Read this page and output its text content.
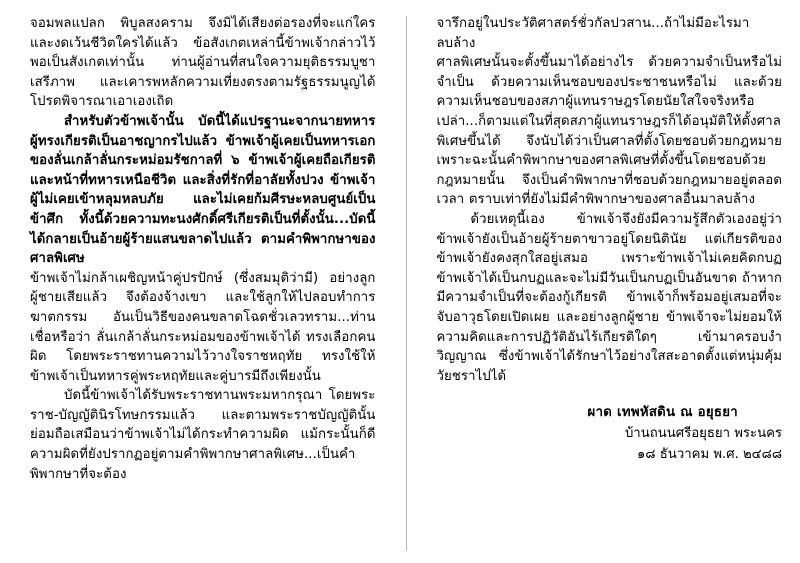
จอมพลแปลก พิบูลสงคราม จึงมิได้เสียงต่อรองที่จะแก่ใคร และงดเว้นชีวิตใครได้แล้ว ข้อสังเกตเหล่านี้ข้าพเจ้ากล่าวไว้พอเป็นสังเกตเท่านั้น ท่านผู้อ่านที่สนใจความยุติธรรมบูชาเสรีภาพ และเคารพหลักความเที่ยงตรงตามรัฐธรรมนูญได้โปรดพิจารณาเอาเองเถิด

สำหรับตัวข้าพเจ้านั้น บัดนี้ได้แปรฐานะจากนายทหารผู้ทรงเกียรติเป็นอาชญากรไปแล้ว ข้าพเจ้าผู้เคยเป็นทหารเอกของลั่นเกล้าลั่นกระหม่อมรัชกาลที่ ๖ ข้าพเจ้าผู้เคยถือเกียรติและหน้าที่ทหารเหนือชีวิต และสิ่งที่รักที่อาลัยทั้งปวง ข้าพเจ้าผู้ไม่เคยเข้าหลุมหลบภัย และไม่เคยก้มศีรษะหลบศูนย์เป็นข้าศึก ทั้งนี้ด้วยความทะนงศักดิ์ศรีเกียรติเป็นที่ตั้งนั้น...บัดนี้ได้กลายเป็นอ้ายผู้ร้ายแสนขลาดไปแล้ว ตามคำพิพากษาของศาลพิเศษ

ข้าพเจ้าไม่กล้าเผชิญหน้าคู่ปรปักษ์ (ซึ่งสมมุติว่ามี) อย่างลูกผู้ชายเสียแล้ว จึงต้องจ้างเขา และใช้ลูกให้ไปลอบทำการฆาตกรรม อันเป็นวิธีของคนขลาดโฉดชั่วเลวทราม...ท่านเชื่อหรือว่า ลั่นเกล้าลั่นกระหม่อมของข้าพเจ้าได้ ทรงเลือกคนผิด โดยพระราชทานความไว้วางใจราชหฤทัย ทรงใช้ให้ข้าพเจ้าเป็นทหารคู่พระหฤทัยและคู่บารมีถึงเพียงนั้น

บัดนี้ข้าพเจ้าได้รับพระราชทานพระมหากรุณา โดยพระราช-บัญญัตินิรโทษกรรมแล้ว และตามพระราชบัญญัตินั้นย่อมถือเสมือนว่าข้าพเจ้าไม่ได้กระทำความผิด แม้กระนั้นก็ดีความผิดที่ยังปรากฏอยู่ตามคำพิพากษาศาลพิเศษ...เป็นคำพิพากษาที่จะต้อง

จารึกอยู่ในประวัติศาสตร์ชั่วกัลปวสาน...ถ้าไม่มีอะไรมาลบล้าง

ศาลพิเศษนั้นจะตั้งขึ้นมาได้อย่างไร ด้วยความจำเป็นหรือไม่จำเป็น ด้วยความเห็นชอบของประชาชนหรือไม่ และด้วยความเห็นชอบของสภาผู้แทนราษฎรโดยนัยใสใจจริงหรือเปล่า...ก็ตามแต่ในที่สุดสภาผู้แทนราษฎรก็ได้อนุมัติให้ตั้งศาลพิเศษขึ้นได้ จึงนับได้ว่าเป็นศาลที่ตั้งโดยชอบด้วยกฎหมาย เพราะฉะนั้นคำพิพากษาของศาลพิเศษที่ตั้งขึ้นโดยชอบด้วยกฎหมายนั้น จึงเป็นคำพิพากษาที่ชอบด้วยกฎหมายอยู่ตลอดเวลา ตราบเท่าที่ยังไม่มีคำพิพากษาของศาลอื่นมาลบล้าง

ด้วยเหตุนี้เอง ข้าพเจ้าจึงยังมีความรู้สึกตัวเองอยู่ว่าข้าพเจ้ายังเป็นอ้ายผู้ร้ายตาขาวอยู่โดยนิตินัย แต่เกียรติของข้าพเจ้ายังคงสุกใสอยู่เสมอ เพราะข้าพเจ้าไม่เคยคิดกบฏ ข้าพเจ้าได้เป็นกบฏและจะไม่มีวันเป็นกบฏเป็นอันขาด ถ้าหากมีความจำเป็นที่จะต้องกู้เกียรติ ข้าพเจ้าก็พร้อมอยู่เสมอที่จะจับอาวุธโดยเปิดเผย และอย่างลูกผู้ชาย ข้าพเจ้าจะไม่ยอมให้ความคิดและการปฏิวัติอันไร้เกียรติใดๆ เข้ามาครอบงำวิญญาณ ซึ่งข้าพเจ้าได้รักษาไว้อย่างใสสะอาดตั้งแต่หนุ่มคุ้มวัยชราไปได้

ผาด เทพหัสดิน ณ อยุธยา
บ้านถนนศรีอยุธยา พระนคร
๑๘ ธันวาคม พ.ศ. ๒๔๘๘
